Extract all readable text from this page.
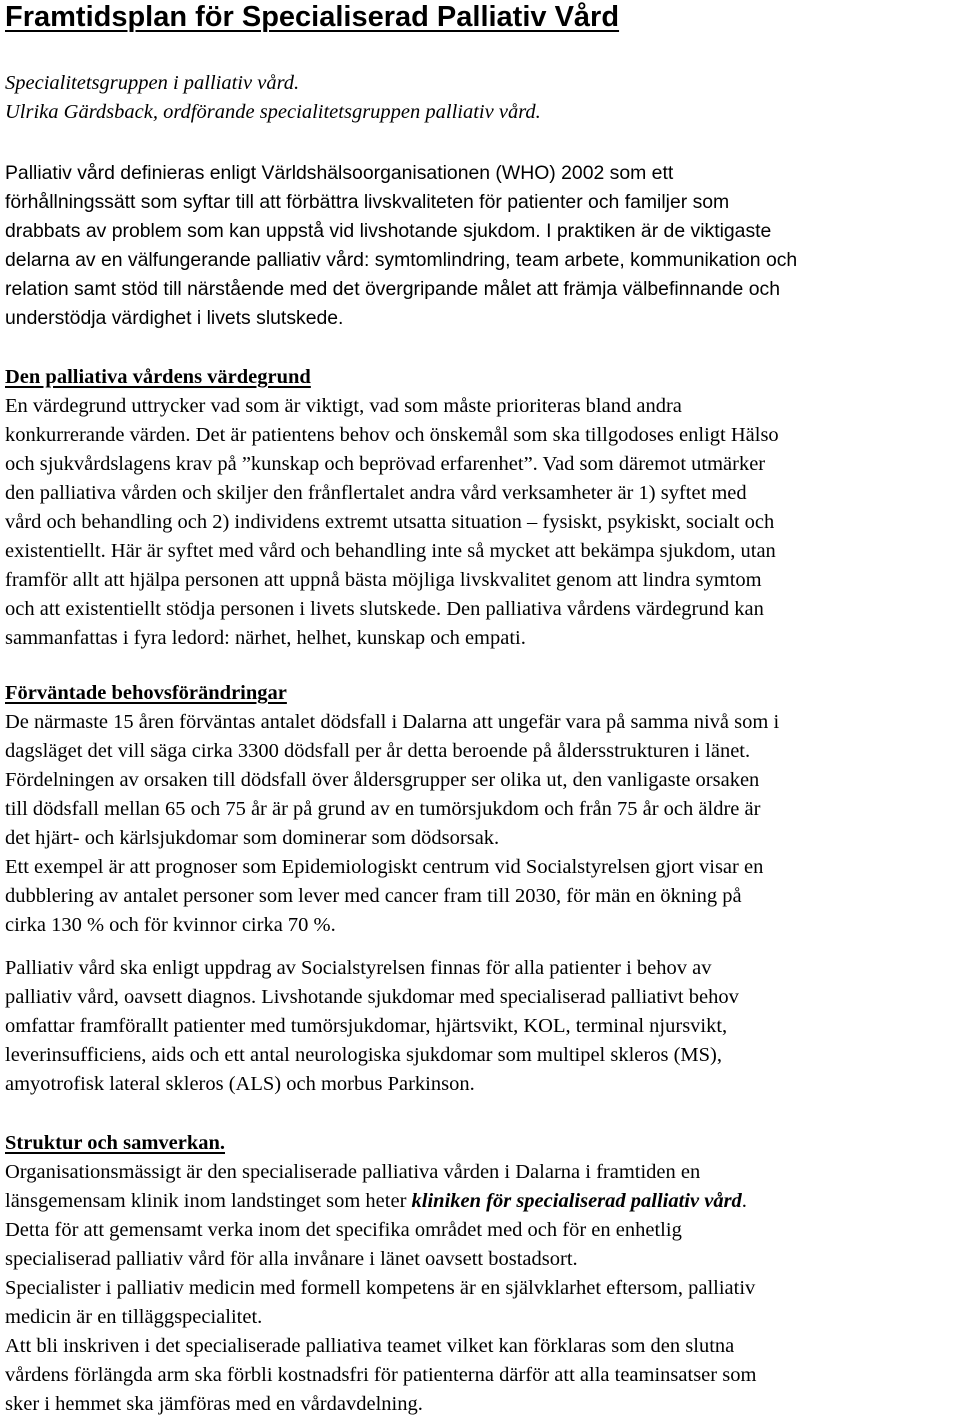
Framtidsplan för Specialiserad Palliativ Vård
Specialitetsgruppen i palliativ vård.
Ulrika Gärdsback, ordförande specialitetsgruppen palliativ vård.
Palliativ vård definieras enligt Världshälsoorganisationen (WHO) 2002 som ett
förhållningssätt som syftar till att förbättra livskvaliteten för patienter och familjer som
drabbats av problem som kan uppstå vid livshotande sjukdom. I praktiken är de viktigaste
delarna av en välfungerande palliativ vård: symtomlindring, team arbete, kommunikation och
relation samt stöd till närstående med det övergripande målet att främja välbefinnande och
understödja värdighet i livets slutskede.

Den palliativa vårdens värdegrund

En värdegrund uttrycker vad som är viktigt, vad som måste prioriteras bland andra
konkurrerande värden. Det är patientens behov och önskemål som ska tillgodoses enligt Hälso
och sjukvårdslagens krav på ”kunskap och beprövad erfarenhet”. Vad som däremot utmärker
den palliativa vården och skiljer den frånflertalet andra vård verksamheter är 1) syftet med
vård och behandling och 2) individens extremt utsatta situation – fysiskt, psykiskt, socialt och
existentiellt. Här är syftet med vård och behandling inte så mycket att bekämpa sjukdom, utan
framför allt att hjälpa personen att uppnå bästa möjliga livskvalitet genom att lindra symtom
och att existentiellt stödja personen i livets slutskede. Den palliativa vårdens värdegrund kan
sammanfattas i fyra ledord: närhet, helhet, kunskap och empati.

Förväntade behovsförändringar

De närmaste 15 åren förväntas antalet dödsfall i Dalarna att ungefär vara på samma nivå som i
dagsläget det vill säga cirka 3300 dödsfall per år detta beroende på åldersstrukturen i länet.
Fördelningen av orsaken till dödsfall över åldersgrupper ser olika ut, den vanligaste orsaken
till dödsfall mellan 65 och 75 år är på grund av en tumörsjukdom och från 75 år och äldre är
det hjärt- och kärlsjukdomar som dominerar som dödsorsak.
Ett exempel är att prognoser som Epidemiologiskt centrum vid Socialstyrelsen gjort visar en
dubblering av antalet personer som lever med cancer fram till 2030, för män en ökning på
cirka 130 % och för kvinnor cirka 70 %.
Palliativ vård ska enligt uppdrag av Socialstyrelsen finnas för alla patienter i behov av
palliativ vård, oavsett diagnos. Livshotande sjukdomar med specialiserad palliativt behov
omfattar framförallt patienter med tumörsjukdomar, hjärtsvikt, KOL, terminal njursvikt,
leverinsufficiens, aids och ett antal neurologiska sjukdomar som multipel skleros (MS),
amyotrofisk lateral skleros (ALS) och morbus Parkinson.

Struktur och samverkan.

Organisationsmässigt är den specialiserade palliativa vården i Dalarna i framtiden en
länsgemensam klinik inom landstinget som heter kliniken för specialiserad palliativ vård.
Detta för att gemensamt verka inom det specifika området med och för en enhetlig
specialiserad palliativ vård för alla invånare i länet oavsett bostadsort.
Specialister i palliativ medicin med formell kompetens är en självklarhet eftersom, palliativ
medicin är en tilläggspecialitet.
Att bli inskriven i det specialiserade palliativa teamet vilket kan förklaras som den slutna
vårdens förlängda arm ska förbli kostnadsfri för patienterna därför att alla teaminsatser som
sker i hemmet ska jämföras med en vårdavdelning.
